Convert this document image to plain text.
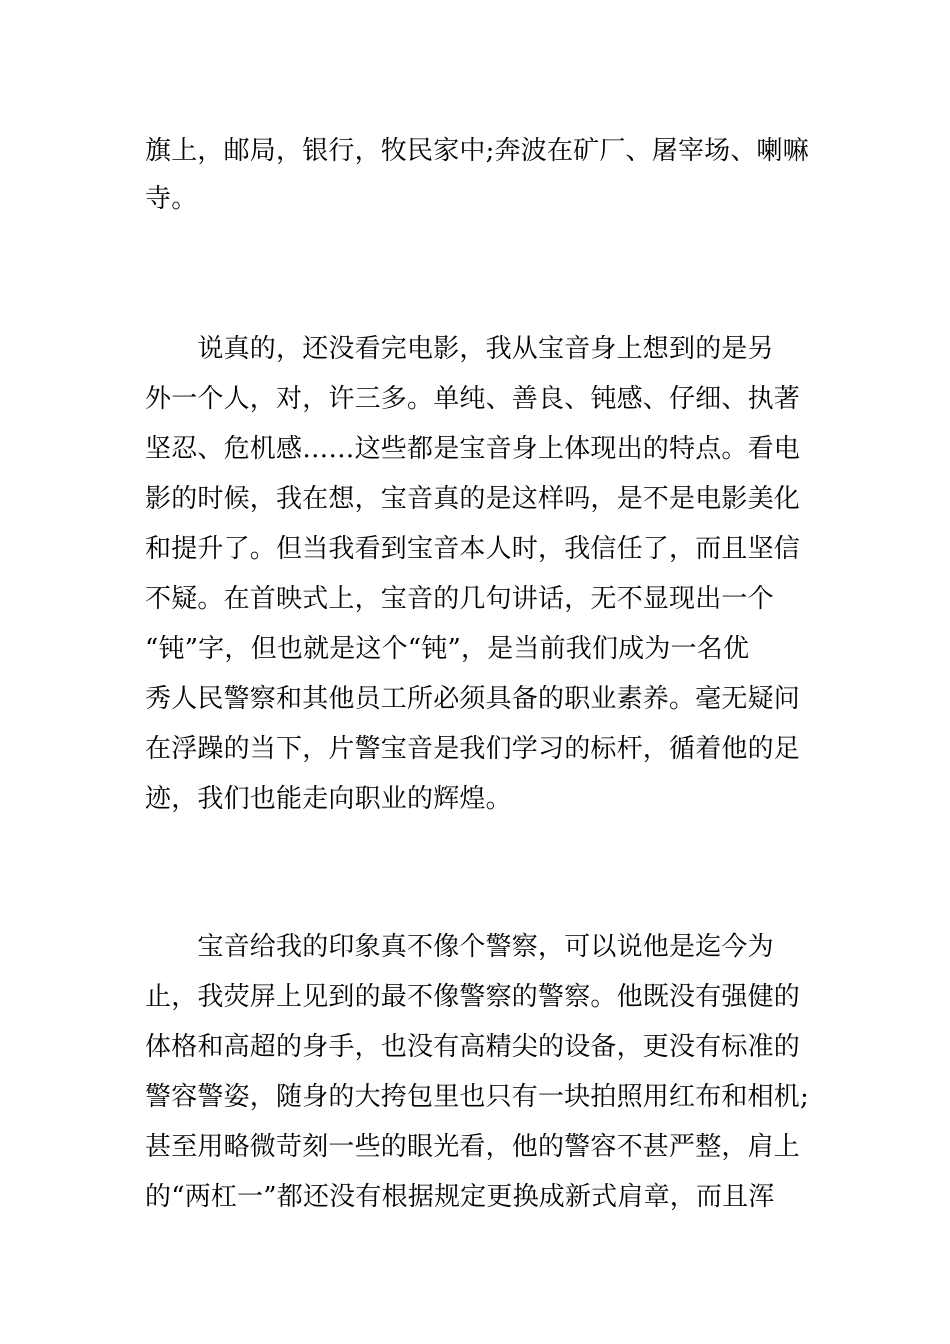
旗上，邮局，银行，牧民家中;奔波在矿厂、屠宰场、喇嘛
寺。
　　说真的，还没看完电影，我从宝音身上想到的是另
外一个人，对，许三多。单纯、善良、钝感、仔细、执著
坚忍、危机感……这些都是宝音身上体现出的特点。看电
影的时候，我在想，宝音真的是这样吗，是不是电影美化
和提升了。但当我看到宝音本人时，我信任了，而且坚信
不疑。在首映式上，宝音的几句讲话，无不显现出一个
“钝”字，但也就是这个“钝”，是当前我们成为一名优
秀人民警察和其他员工所必须具备的职业素养。毫无疑问
在浮躁的当下，片警宝音是我们学习的标杆，循着他的足
迹，我们也能走向职业的辉煌。
　　宝音给我的印象真不像个警察，可以说他是迄今为
止，我荧屏上见到的最不像警察的警察。他既没有强健的
体格和高超的身手，也没有高精尖的设备，更没有标准的
警容警姿，随身的大挎包里也只有一块拍照用红布和相机;
甚至用略微苛刻一些的眼光看，他的警容不甚严整，肩上
的“两杠一”都还没有根据规定更换成新式肩章，而且浑
